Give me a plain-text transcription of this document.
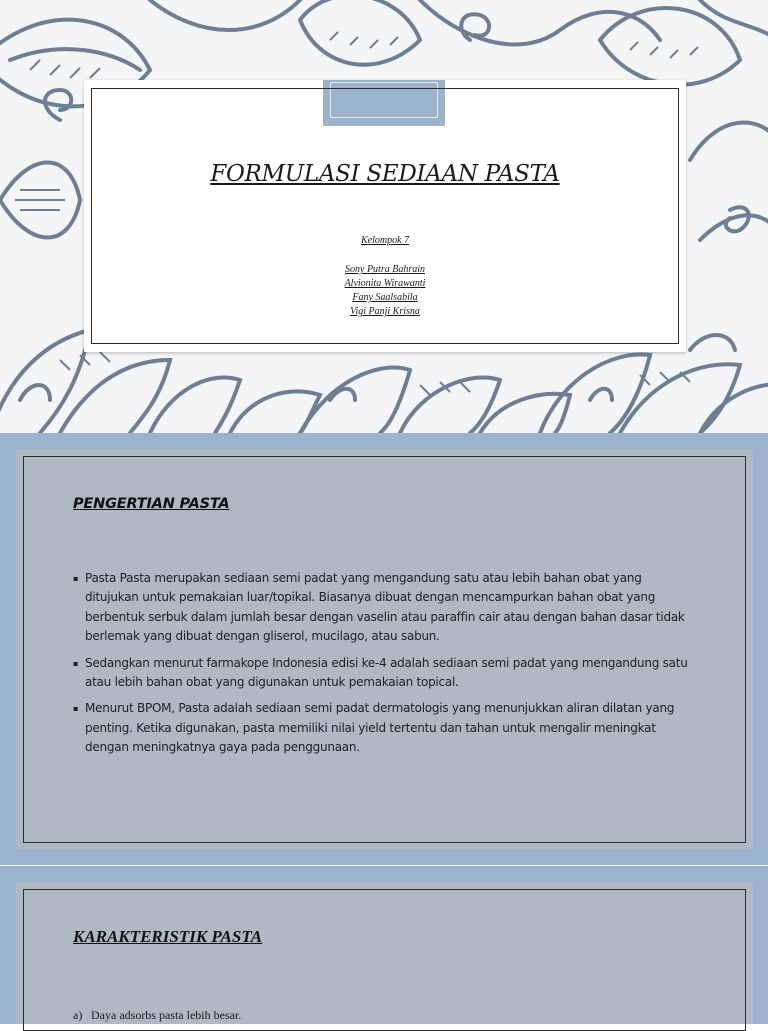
FORMULASI SEDIAAN PASTA
Kelompok 7
Sony Putra Bahrain
Alvionita Wirawanti
Fany Saalsabila
Vigi Panji Krisna
PENGERTIAN PASTA
▪ Pasta Pasta merupakan sediaan semi padat yang mengandung satu atau lebih bahan obat yang ditujukan untuk pemakaian luar/topikal. Biasanya dibuat dengan mencampurkan bahan obat yang berbentuk serbuk dalam jumlah besar dengan vaselin atau paraffin cair atau dengan bahan dasar tidak berlemak yang dibuat dengan gliserol, mucilago, atau sabun.
▪ Sedangkan menurut farmakope Indonesia edisi ke-4 adalah sediaan semi padat yang mengandung satu atau lebih bahan obat yang digunakan untuk pemakaian topical.
▪ Menurut BPOM, Pasta adalah sediaan semi padat dermatologis yang menunjukkan aliran dilatan yang penting. Ketika digunakan, pasta memiliki nilai yield tertentu dan tahan untuk mengalir meningkat dengan meningkatnya gaya pada penggunaan.
KARAKTERISTIK PASTA
a) Daya adsorbs pasta lebih besar.
